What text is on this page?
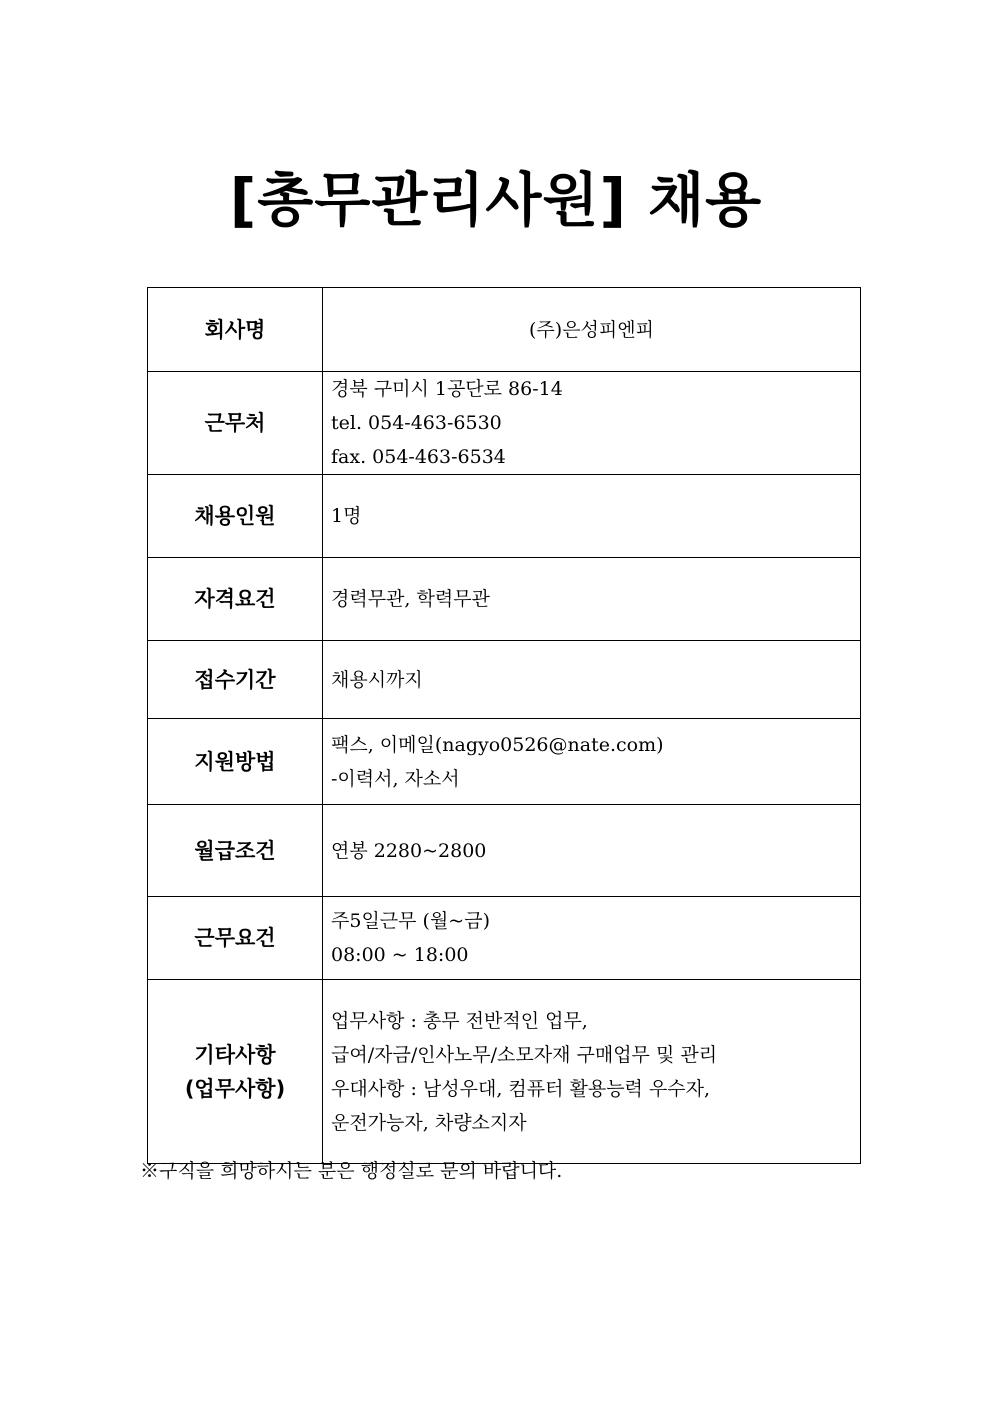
[총무관리사원] 채용
회사명	(주)은성피엔피

근무처	경북 구미시 1공단로 86-14
tel. 054-463-6530
fax. 054-463-6534

채용인원	1명

자격요건	경력무관, 학력무관

접수기간	채용시까지

지원방법	팩스, 이메일(nagyo0526@nate.com)
-이력서, 자소서

월급조건	연봉 2280~2800

근무요건	주5일근무 (월~금)
08:00 ~ 18:00

기타사항
(업무사항)	업무사항 : 총무 전반적인 업무,
급여/자금/인사노무/소모자재 구매업무 및 관리
우대사항 : 남성우대, 컴퓨터 활용능력 우수자,
운전가능자, 차량소지자
※구직을 희망하시는 분은 행정실로 문의 바랍니다.
